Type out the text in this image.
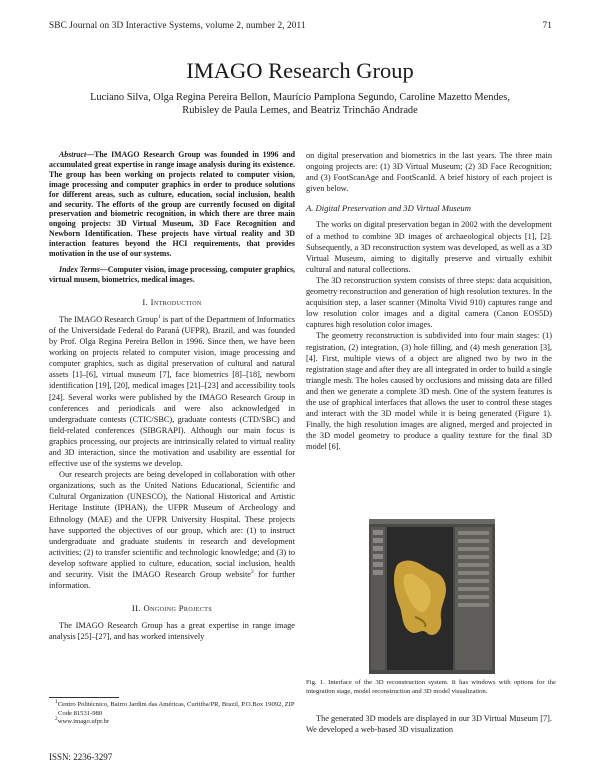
SBC Journal on 3D Interactive Systems, volume 2, number 2, 2011	71
IMAGO Research Group
Luciano Silva, Olga Regina Pereira Bellon, Maurício Pamplona Segundo, Caroline Mazetto Mendes,
Rubisley de Paula Lemes, and Beatriz Trinchão Andrade

Abstract—The IMAGO Research Group was founded in 1996 and accumulated great expertise in range image analysis during its existence. The group has been working on projects related to computer vision, image processing and computer graphics in order to produce solutions for different areas, such as culture, education, social inclusion, health and security. The efforts of the group are currently focused on digital preservation and biometric recognition, in which there are three main ongoing projects: 3D Virtual Museum, 3D Face Recognition and Newborn Identification. These projects have virtual reality and 3D interaction features beyond the HCI requirements, that provides motivation in the use of our systems.

Index Terms—Computer vision, image processing, computer graphics, virtual musem, biometrics, medical images.

I. Introduction

The IMAGO Research Group$^1$ is part of the Department of Informatics of the Universidade Federal do Paraná (UFPR), Brazil, and was founded by Prof. Olga Regina Pereira Bellon in 1996. Since then, we have been working on projects related to computer vision, image processing and computer graphics, such as digital preservation of cultural and natural assets [1]–[6], virtual museum [7], face biometrics [8]–[18], newborn identification [19], [20], medical images [21]–[23] and accessibility tools [24]. Several works were published by the IMAGO Research Group in conferences and periodicals and were also acknowledged in undergraduate contests (CTIC/SBC), graduate contests (CTD/SBC) and field-related conferences (SIBGRAPI). Although our main focus is graphics processing, our projects are intrinsically related to virtual reality and 3D interaction, since the motivation and usability are essential for effective use of the systems we develop.

Our research projects are being developed in collaboration with other organizations, such as the United Nations Educational, Scientific and Cultural Organization (UNESCO), the National Historical and Artistic Heritage Institute (IPHAN), the UFPR Museum of Archeology and Ethnology (MAE) and the UFPR University Hospital. These projects have supported the objectives of our group, which are: (1) to instruct undergraduate and graduate students in research and development activities; (2) to transfer scientific and technologic knowledge; and (3) to develop software applied to culture, education, social inclusion, health and security. Visit the IMAGO Research Group website$^2$ for further information.

II. Ongoing Projects

The IMAGO Research Group has a great expertise in range image analysis [25]–[27], and has worked intensively

$^1$Centro Politécnico, Bairro Jardim das Américas, Curitiba/PR, Brazil, P.O.Box 19092, ZIP Code 81531-980
$^2$www.imago.ufpr.br
ISSN: 2236-3297

on digital preservation and biometrics in the last years. The three main ongoing projects are: (1) 3D Virtual Museum; (2) 3D Face Recognition; and (3) FootScanAge and FootScanId. A brief history of each project is given below.

A. Digital Preservation and 3D Virtual Museum

The works on digital preservation began in 2002 with the development of a method to combine 3D images of archaeological objects [1], [2]. Subsequently, a 3D reconstruction system was developed, as well as a 3D Virtual Museum, aiming to digitally preserve and virtually exhibit cultural and natural collections.

The 3D reconstruction system consists of three steps: data acquisition, geometry reconstruction and generation of high resolution textures. In the acquisition step, a laser scanner (Minolta Vivid 910) captures range and low resolution color images and a digital camera (Canon EOS5D) captures high resolution color images.

The geometry reconstruction is subdivided into four main stages: (1) registration, (2) integration, (3) hole filling, and (4) mesh generation [3], [4]. First, multiple views of a object are aligned two by two in the registration stage and after they are all integrated in order to build a single triangle mesh. The holes caused by occlusions and missing data are filled and then we generate a complete 3D mesh. One of the system features is the use of graphical interfaces that allows the user to control these stages and interact with the 3D model while it is being generated (Figure 1). Finally, the high resolution images are aligned, merged and projected in the 3D model geometry to produce a quality texture for the final 3D model [6].

Fig. 1. Interface of the 3D reconstruction system. It has windows with options for the integration stage, model reconstruction and 3D model visualization.

The generated 3D models are displayed in our 3D Virtual Museum [7]. We developed a web-based 3D visualization
